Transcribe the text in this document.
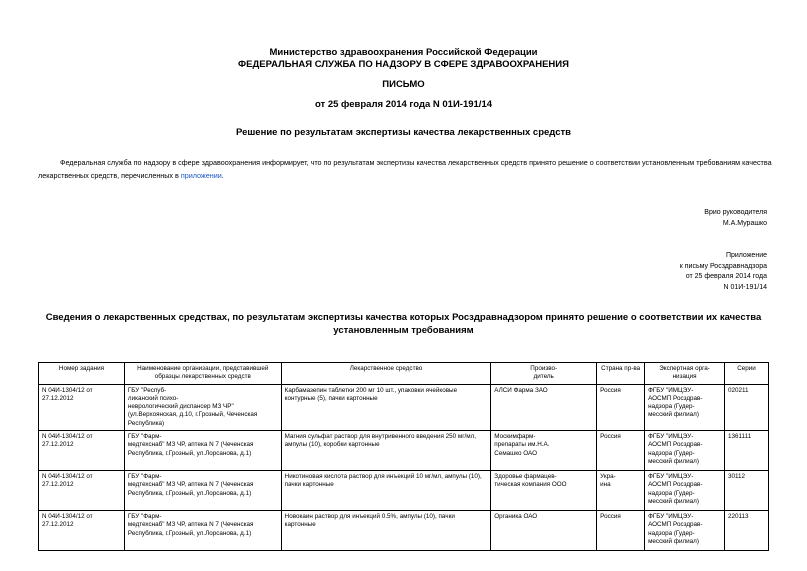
Министерство здравоохранения Российской Федерации
ФЕДЕРАЛЬНАЯ СЛУЖБА ПО НАДЗОРУ В СФЕРЕ ЗДРАВООХРАНЕНИЯ
ПИСЬМО
от 25 февраля 2014 года N 01И-191/14
Решение по результатам экспертизы качества лекарственных средств
Федеральная служба по надзору в сфере здравоохранения информирует, что по результатам экспертизы качества лекарственных средств принято решение о соответствии установленным требованиям качества лекарственных средств, перечисленных в приложении.
Врио руководителя
М.А.Мурашко
Приложение
к письму Росздравнадзора
от 25 февраля 2014 года
N 01И-191/14
Сведения о лекарственных средствах, по результатам экспертизы качества которых Росздравнадзором принято решение о соответствии их качества установленным требованиям
Номер задания	Наименование организации, представившей образцы лекарственных средств	Лекарственное средство	Произво-
дитель	Страна пр-ва	Экспертная орга-
низация	Серии
N 04И-1304/12 от 27.12.2012	ГБУ "Респуб-
ликанский психо-
неврологический диспансер МЗ ЧР" (ул.Верхоянская, д.10, г.Грозный, Чеченская Республика)	Карбамазепин таблетки 200 мг 10 шт., упаковки ячейковые контурные (5), пачки картонные	АЛСИ Фарма ЗАО	Россия	ФГБУ "ИМЦЭУ-
АОСМП Росздрав-
надзора (Гудер-
месский филиал)	020211
N 04И-1304/12 от 27.12.2012	ГБУ "Фарм-
медтехснаб" МЗ ЧР, аптека N 7 (Чеченская Республика, г.Грозный, ул.Лорсанова, д.1)	Магния сульфат раствор для внутривенного введения 250 мг/мл, ампулы (10), коробки картонные	Москимфарм-
препараты им.Н.А.
Семашко ОАО	Россия	ФГБУ "ИМЦЭУ-
АОСМП Росздрав-
надзора (Гудер-
месский филиал)	1361111
N 04И-1304/12 от 27.12.2012	ГБУ "Фарм-
медтехснаб" МЗ ЧР, аптека N 7 (Чеченская Республика, г.Грозный, ул.Лорсанова, д.1)	Никотиновая кислота раствор для инъекций 10 мг/мл, ампулы (10), пачки картонные	Здоровье фармацев-
тическая компания ООО	Укра-
ина	ФГБУ "ИМЦЭУ-
АОСМП Росздрав-
надзора (Гудер-
месский филиал)	30112
N 04И-1304/12 от 27.12.2012	ГБУ "Фарм-
медтехснаб" МЗ ЧР, аптека N 7 (Чеченская Республика, г.Грозный, ул.Лорсанова, д.1)	Новокаин раствор для инъекций 0.5%, ампулы (10), пачки картонные	Органика ОАО	Россия	ФГБУ "ИМЦЭУ-
АОСМП Росздрав-
надзора (Гудер-
месский филиал)	220113
